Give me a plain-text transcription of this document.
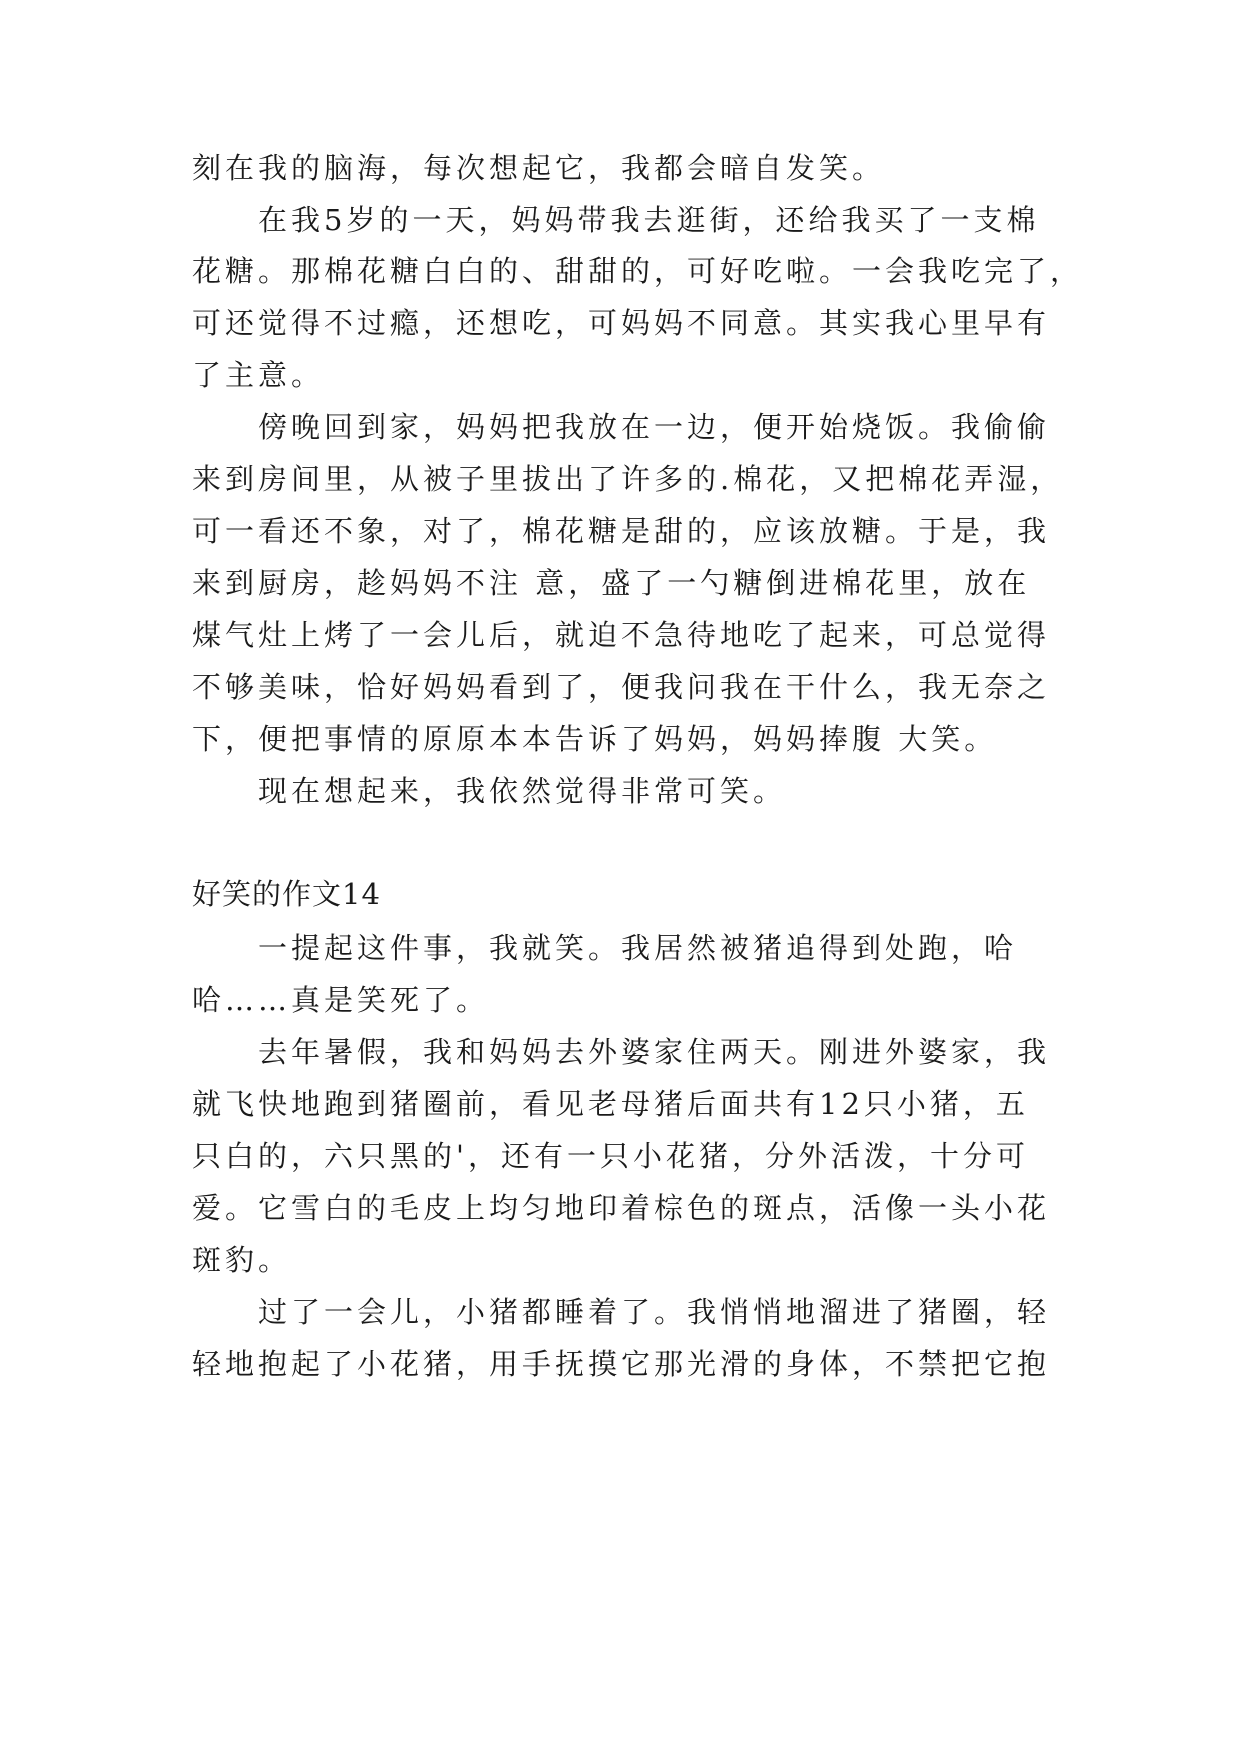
刻在我的脑海，每次想起它，我都会暗自发笑。
在我5岁的一天，妈妈带我去逛街，还给我买了一支棉
花糖。那棉花糖白白的、甜甜的，可好吃啦。一会我吃完了，
可还觉得不过瘾，还想吃，可妈妈不同意。其实我心里早有
了主意。
傍晚回到家，妈妈把我放在一边，便开始烧饭。我偷偷
来到房间里，从被子里拔出了许多的.棉花，又把棉花弄湿，
可一看还不象，对了，棉花糖是甜的，应该放糖。于是，我
来到厨房，趁妈妈不注 意，盛了一勺糖倒进棉花里，放在
煤气灶上烤了一会儿后，就迫不急待地吃了起来，可总觉得
不够美味，恰好妈妈看到了，便我问我在干什么，我无奈之
下，便把事情的原原本本告诉了妈妈，妈妈捧腹 大笑。
现在想起来，我依然觉得非常可笑。
好笑的作文14
一提起这件事，我就笑。我居然被猪追得到处跑，哈
哈……真是笑死了。
去年暑假，我和妈妈去外婆家住两天。刚进外婆家，我
就飞快地跑到猪圈前，看见老母猪后面共有12只小猪，五
只白的，六只黑的'，还有一只小花猪，分外活泼，十分可
爱。它雪白的毛皮上均匀地印着棕色的斑点，活像一头小花
斑豹。
过了一会儿，小猪都睡着了。我悄悄地溜进了猪圈，轻
轻地抱起了小花猪，用手抚摸它那光滑的身体，不禁把它抱
